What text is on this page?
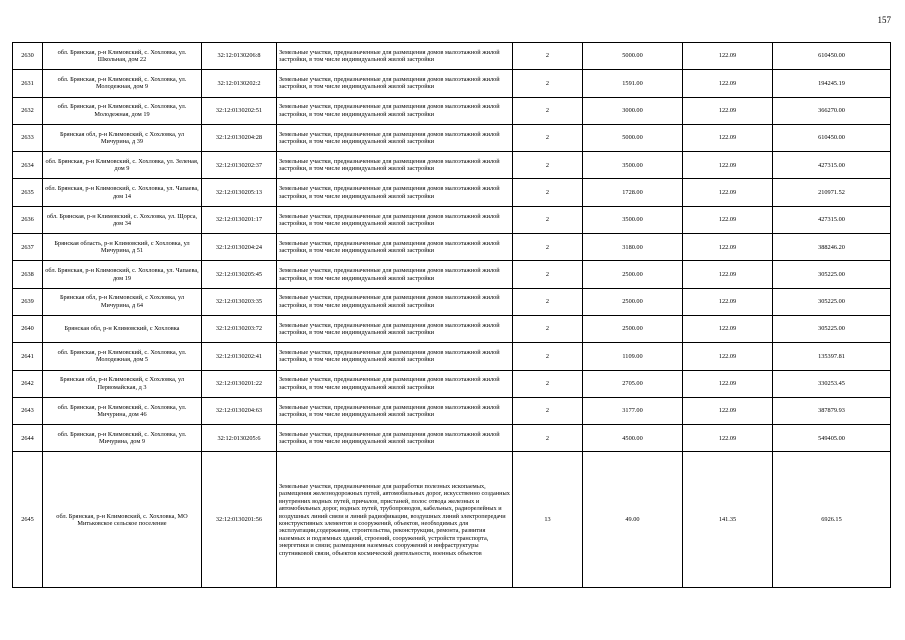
157
2630	обл. Брянская, р-н Климовский, с. Хохловка, ул. Школьная, дом 22	32:12:0130206:8	Земельные участки, предназначенные для размещения домов малоэтажной жилой застройки, в том числе индивидуальной жилой застройки	2	5000.00	122.09	610450.00
2631	обл. Брянская, р-н Климовский, с. Хохловка, ул. Молодежная, дом 9	32:12:0130202:2	Земельные участки, предназначенные для размещения домов малоэтажной жилой застройки, в том числе индивидуальной жилой застройки	2	1591.00	122.09	194245.19
2632	обл. Брянская, р-н Климовский, с. Хохловка, ул. Молодежная, дом 19	32:12:0130202:51	Земельные участки, предназначенные для размещения домов малоэтажной жилой застройки, в том числе индивидуальной жилой застройки	2	3000.00	122.09	366270.00
2633	Брянская обл, р-н Климовский, с Хохловка, ул Мичурина, д 39	32:12:0130204:28	Земельные участки, предназначенные для размещения домов малоэтажной жилой застройки, в том числе индивидуальной жилой застройки	2	5000.00	122.09	610450.00
2634	обл. Брянская, р-н Климовский, с. Хохловка, ул. Зеленая, дом 9	32:12:0130202:37	Земельные участки, предназначенные для размещения домов малоэтажной жилой застройки, в том числе индивидуальной жилой застройки	2	3500.00	122.09	427315.00
2635	обл. Брянская, р-н Климовский, с. Хохловка, ул. Чапаева, дом 14	32:12:0130205:13	Земельные участки, предназначенные для размещения домов малоэтажной жилой застройки, в том числе индивидуальной жилой застройки	2	1728.00	122.09	210971.52
2636	обл. Брянская, р-н Климовский, с. Хохловка, ул. Щорса, дом 34	32:12:0130201:17	Земельные участки, предназначенные для размещения домов малоэтажной жилой застройки, в том числе индивидуальной жилой застройки	2	3500.00	122.09	427315.00
2637	Брянская область, р-н Климовский, с Хохловка, ул Мичурина, д 51	32:12:0130204:24	Земельные участки, предназначенные для размещения домов малоэтажной жилой застройки, в том числе индивидуальной жилой застройки	2	3180.00	122.09	388246.20
2638	обл. Брянская, р-н Климовский, с. Хохловка, ул. Чапаева, дом 19	32:12:0130205:45	Земельные участки, предназначенные для размещения домов малоэтажной жилой застройки, в том числе индивидуальной жилой застройки	2	2500.00	122.09	305225.00
2639	Брянская обл, р-н Климовский, с Хохловка, ул Мичурина, д 64	32:12:0130203:35	Земельные участки, предназначенные для размещения домов малоэтажной жилой застройки, в том числе индивидуальной жилой застройки	2	2500.00	122.09	305225.00
2640	Брянская обл, р-н Климовский, с Хохловка	32:12:0130203:72	Земельные участки, предназначенные для размещения домов малоэтажной жилой застройки, в том числе индивидуальной жилой застройки	2	2500.00	122.09	305225.00
2641	обл. Брянская, р-н Климовский, с. Хохловка, ул. Молодежная, дом 5	32:12:0130202:41	Земельные участки, предназначенные для размещения домов малоэтажной жилой застройки, в том числе индивидуальной жилой застройки	2	1109.00	122.09	135397.81
2642	Брянская обл, р-н Климовский, с Хохловка, ул Первомайская, д 3	32:12:0130201:22	Земельные участки, предназначенные для размещения домов малоэтажной жилой застройки, в том числе индивидуальной жилой застройки	2	2705.00	122.09	330253.45
2643	обл. Брянская, р-н Климовский, с. Хохловка, ул. Мичурина, дом 46	32:12:0130204:63	Земельные участки, предназначенные для размещения домов малоэтажной жилой застройки, в том числе индивидуальной жилой застройки	2	3177.00	122.09	387879.93
2644	обл. Брянская, р-н Климовский, с. Хохловка, ул. Мичурина, дом 9	32:12:0130205:6	Земельные участки, предназначенные для размещения домов малоэтажной жилой застройки, в том числе индивидуальной жилой застройки	2	4500.00	122.09	549405.00
2645	обл. Брянская, р-н Климовский, с. Хохловка, МО Митьковское сельское поселение	32:12:0130201:56	Земельные участки, предназначенные для разработки полезных ископаемых, размещения железнодорожных путей, автомобильных дорог, искусственно созданных внутренних водных путей, причалов, пристаней, полос отвода железных и автомобильных дорог, водных путей, трубопроводов, кабельных, радиорелейных и воздушных линий связи и линий радиофикации, воздушных линий электропередачи конструктивных элементов и сооружений, объектов, необходимых для эксплуатации,содержания, строительства, реконструкции, ремонта, развития наземных и подземных зданий, строений, сооружений, устройств транспорта, энергетики и связи; размещения наземных сооружений и инфраструктуры спутниковой связи, объектов космической деятельности, военных объектов	13	49.00	141.35	6926.15
